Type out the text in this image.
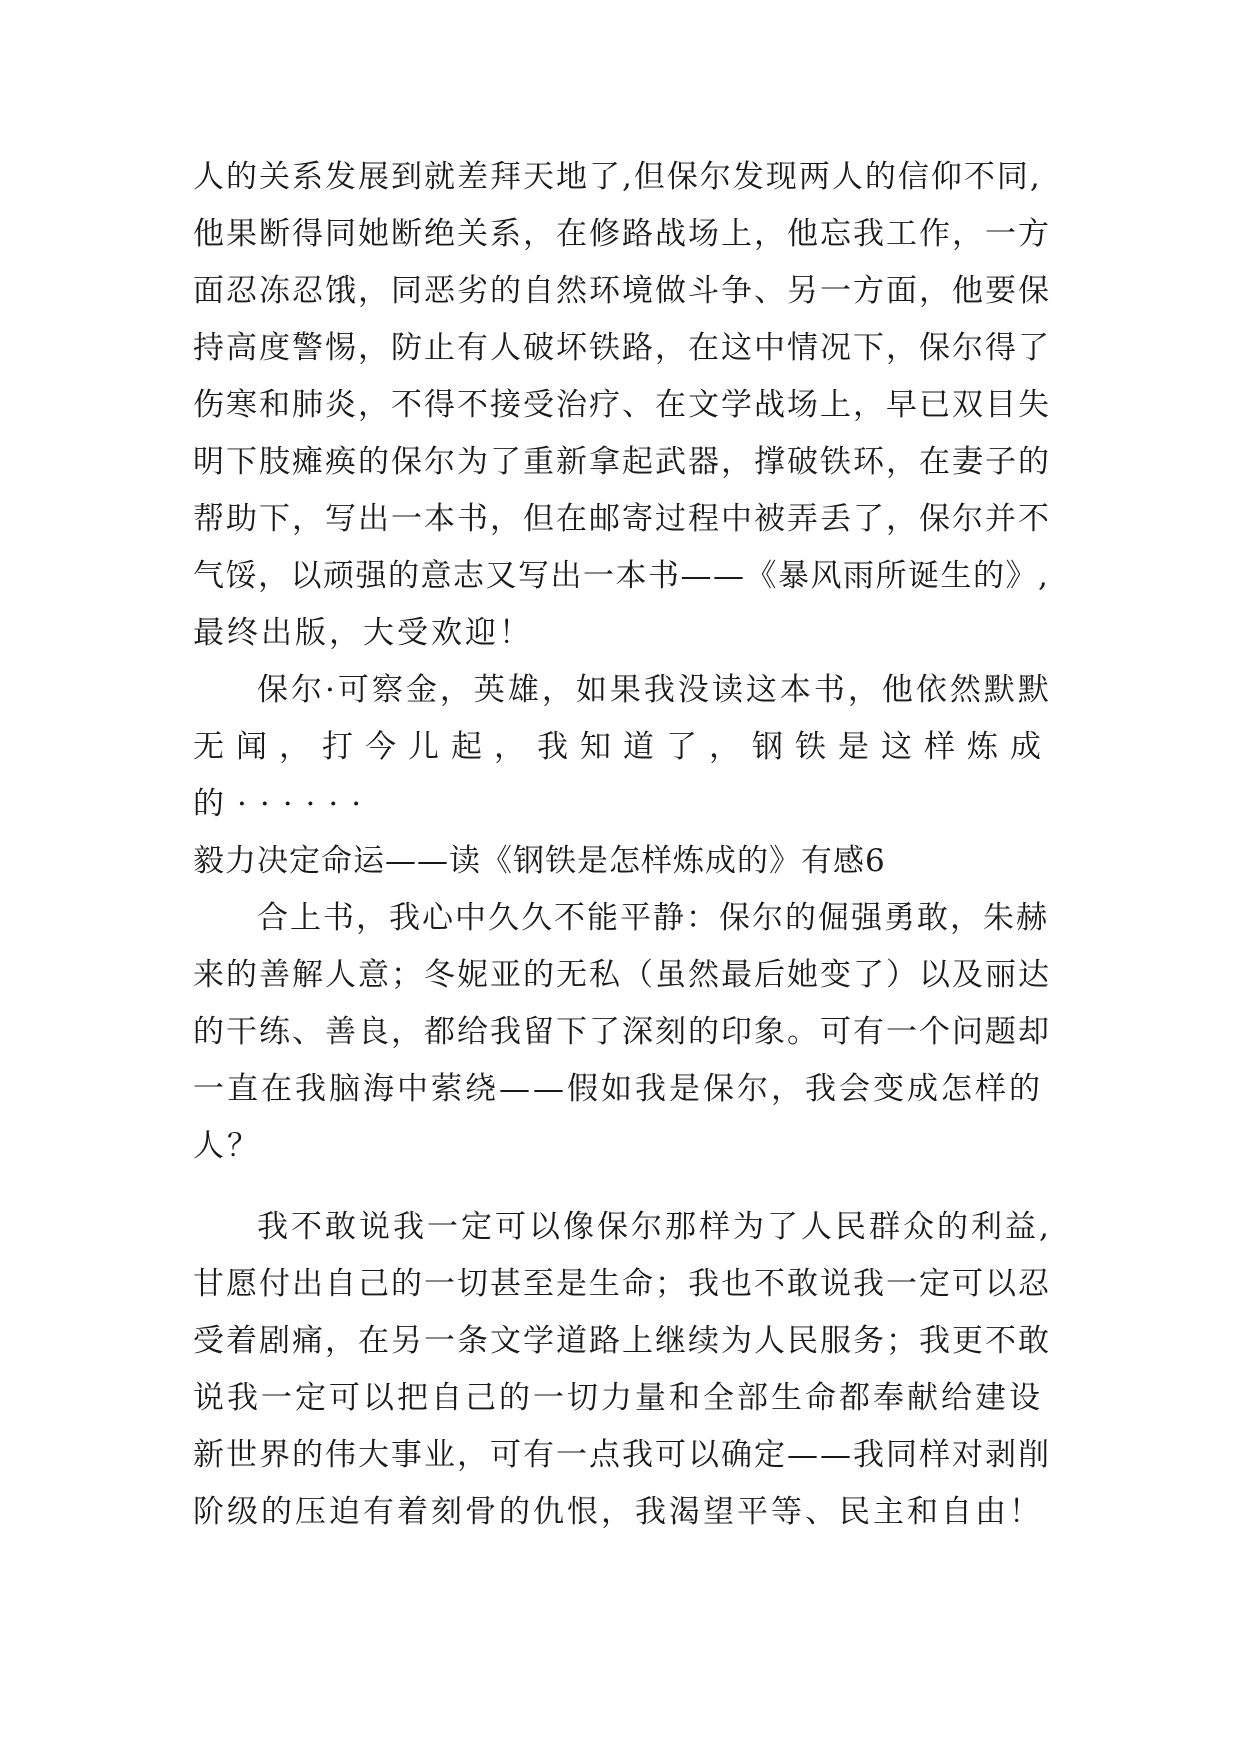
人的关系发展到就差拜天地了,但保尔发现两人的信仰不同,
他果断得同她断绝关系，在修路战场上，他忘我工作，一方
面忍冻忍饿，同恶劣的自然环境做斗争、另一方面，他要保
持高度警惕，防止有人破坏铁路，在这中情况下，保尔得了
伤寒和肺炎，不得不接受治疗、在文学战场上，早已双目失
明下肢瘫痪的保尔为了重新拿起武器，撑破铁环，在妻子的
帮助下，写出一本书，但在邮寄过程中被弄丢了，保尔并不
气馁，以顽强的意志又写出一本书——《暴风雨所诞生的》,
最终出版，大受欢迎！
保尔·可察金，英雄，如果我没读这本书，他依然默默
无闻，打今儿起，我知道了，钢铁是这样炼成
的······
毅力决定命运——读《钢铁是怎样炼成的》有感6
合上书，我心中久久不能平静：保尔的倔强勇敢，朱赫
来的善解人意；冬妮亚的无私（虽然最后她变了）以及丽达
的干练、善良，都给我留下了深刻的印象。可有一个问题却
一直在我脑海中萦绕——假如我是保尔，我会变成怎样的
人？
我不敢说我一定可以像保尔那样为了人民群众的利益,
甘愿付出自己的一切甚至是生命；我也不敢说我一定可以忍
受着剧痛，在另一条文学道路上继续为人民服务；我更不敢
说我一定可以把自己的一切力量和全部生命都奉献给建设
新世界的伟大事业，可有一点我可以确定——我同样对剥削
阶级的压迫有着刻骨的仇恨，我渴望平等、民主和自由！
